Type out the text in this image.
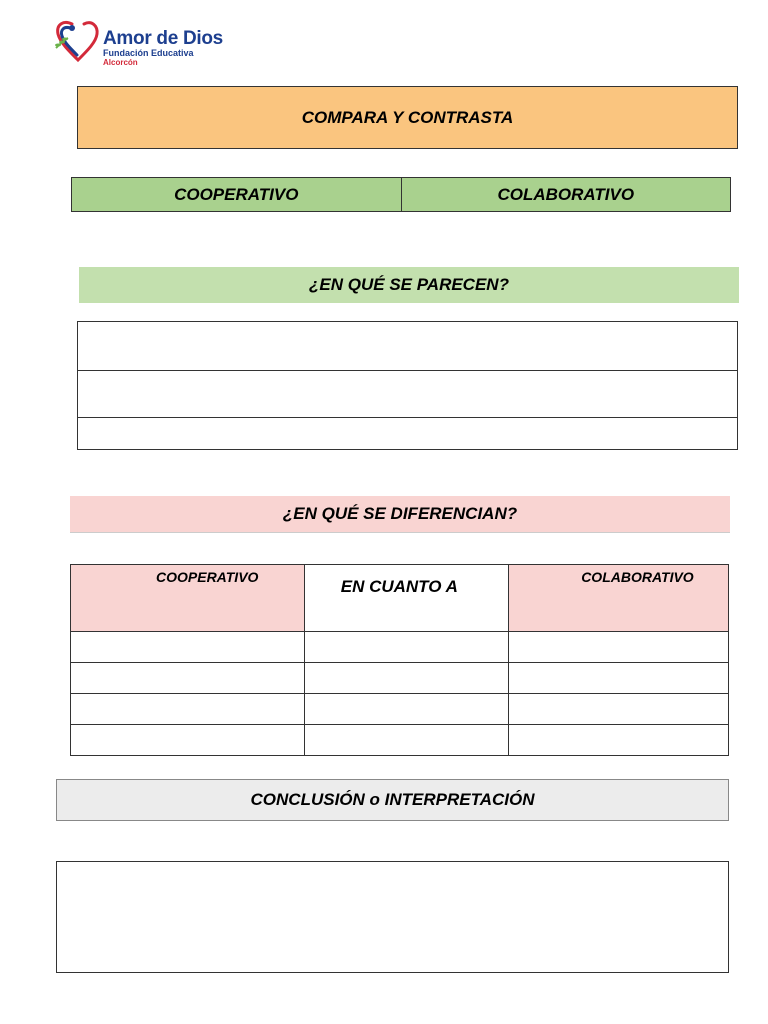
Amor de Dios
Fundación Educativa
Alcorcón
COMPARA Y CONTRASTA
COOPERATIVO	COLABORATIVO
¿EN QUÉ SE PARECEN?
¿EN QUÉ SE DIFERENCIAN?
COOPERATIVO	EN CUANTO A	COLABORATIVO

CONCLUSIÓN o INTERPRETACIÓN
